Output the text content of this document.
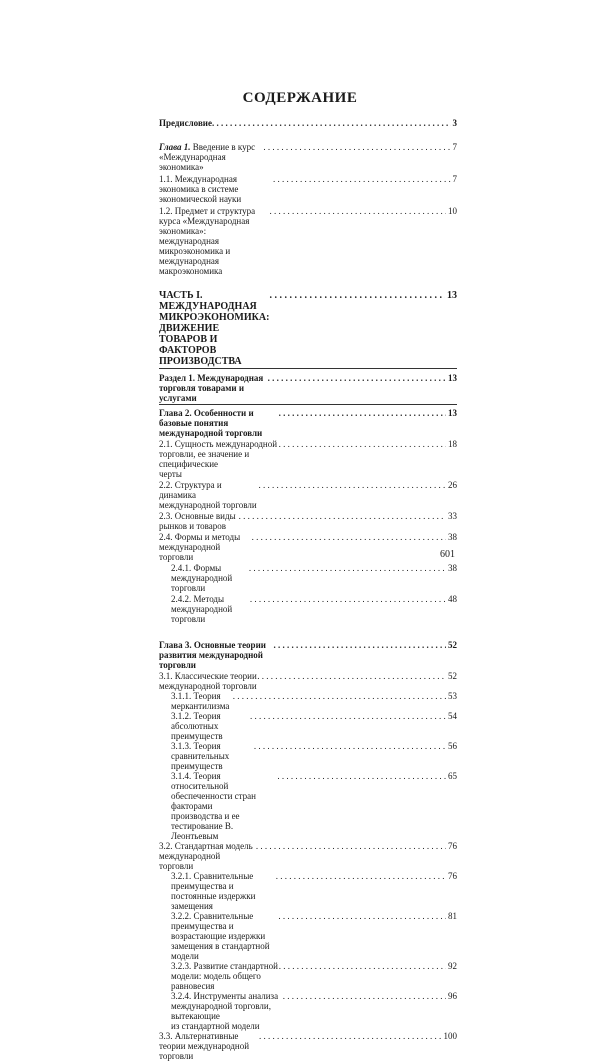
СОДЕРЖАНИЕ
Предисловие
. . .	3
Глава 1. Введение в курс «Международная экономика»
. . .
7
1.1. Международная экономика в системе экономической науки
. . .
7
1.2. Предмет и структура курса «Международная экономика»:
международная микроэкономика и международная
макроэкономика
. . .
10
ЧАСТЬ I. МЕЖДУНАРОДНАЯ МИКРОЭКОНОМИКА:
ДВИЖЕНИЕ ТОВАРОВ И ФАКТОРОВ ПРОИЗВОДСТВА
. . .
13
Раздел 1. Международная торговля товарами и услугами
. . .
13
Глава 2. Особенности и базовые понятия международной торговли
. . .
13
2.1. Сущность международной торговли, ее значение и специфические
черты
. . .
18
2.2. Структура и динамика международной торговли
. . .
26
2.3. Основные виды рынков и товаров
. . .
33
2.4. Формы и методы международной торговли
. . .
38
2.4.1. Формы международной торговли
. . .
38
2.4.2. Методы международной торговли
. . .
48
Глава 3. Основные теории развития международной торговли
. . .
52
3.1. Классические теории международной торговли
. . .
52
3.1.1. Теория меркантилизма
. . .
53
3.1.2. Теория абсолютных преимуществ
. . .
54
3.1.3. Теория сравнительных преимуществ
. . .
56
3.1.4. Теория относительной обеспеченности стран факторами
производства и ее тестирование В. Леонтьевым
. . .
65
3.2. Стандартная модель международной торговли
. . .
76
3.2.1. Сравнительные преимущества и постоянные издержки
замещения
. . .
76
3.2.2. Сравнительные преимущества и возрастающие издержки
замещения в стандартной модели
. . .
81
3.2.3. Развитие стандартной модели: модель общего равновесия
. . .
92
3.2.4. Инструменты анализа международной торговли, вытекающие
из стандартной модели
. . .
96
3.3. Альтернативные теории международной торговли
. . .
100
601
